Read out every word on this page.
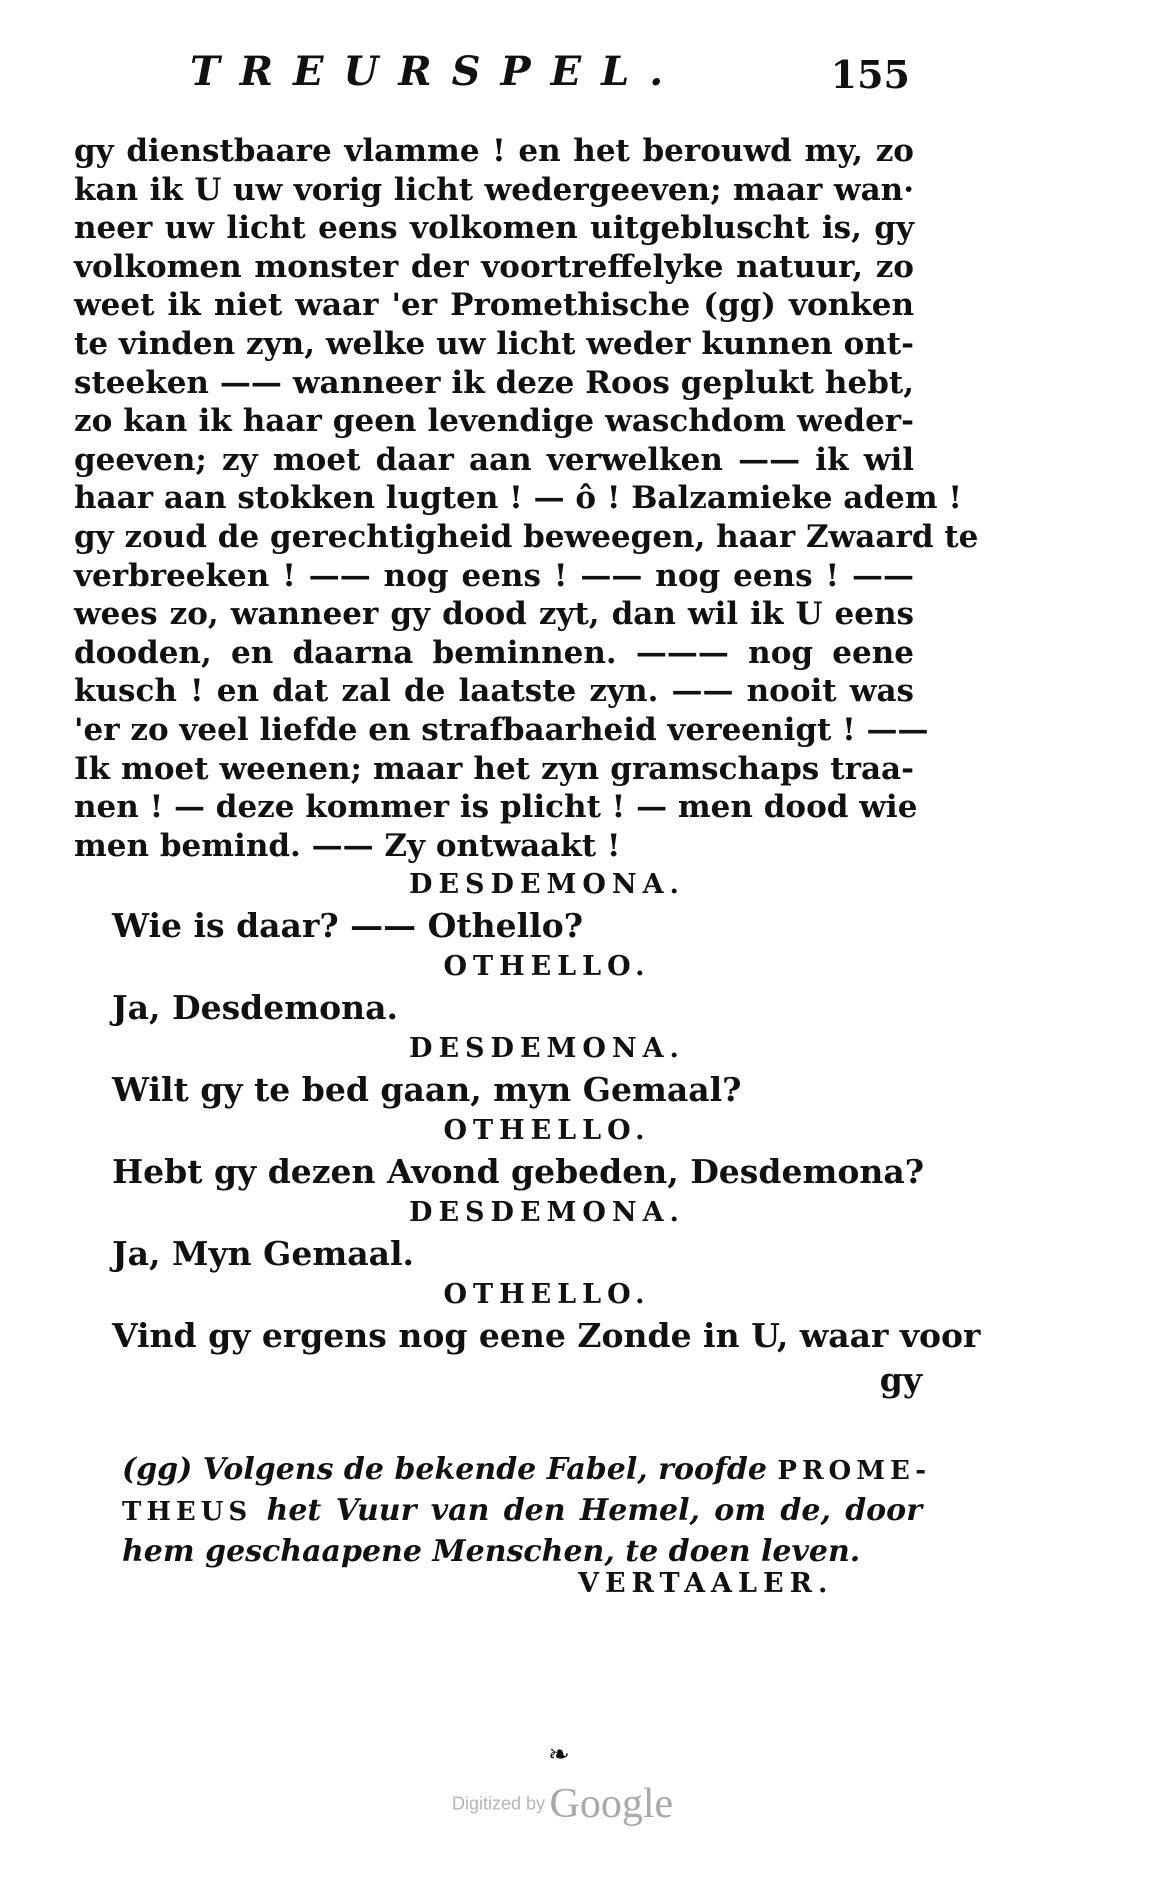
TREURSPEL.	155
gy dienstbaare vlamme ! en het berouwd my, zo
kan ik U uw vorig licht wedergeeven; maar wan·
neer uw licht eens volkomen uitgebluscht is, gy
volkomen monster der voortreffelyke natuur, zo
weet ik niet waar 'er Promethische (gg) vonken
te vinden zyn, welke uw licht weder kunnen ont-
steeken —— wanneer ik deze Roos geplukt hebt,
zo kan ik haar geen levendige waschdom weder-
geeven; zy moet daar aan verwelken —— ik wil
haar aan stokken lugten ! — ô ! Balzamieke adem !
gy zoud de gerechtigheid beweegen, haar Zwaard te
verbreeken ! —— nog eens ! —— nog eens ! ——
wees zo, wanneer gy dood zyt, dan wil ik U eens
dooden, en daarna beminnen. ——— nog eene
kusch ! en dat zal de laatste zyn. —— nooit was
'er zo veel liefde en strafbaarheid vereenigt ! ——
Ik moet weenen; maar het zyn gramschaps traa-
nen ! — deze kommer is plicht ! — men dood wie
men bemind. —— Zy ontwaakt !
DESDEMONA.
Wie is daar? —— Othello?
OTHELLO.
Ja, Desdemona.
DESDEMONA.
Wilt gy te bed gaan, myn Gemaal?
OTHELLO.
Hebt gy dezen Avond gebeden, Desdemona?
DESDEMONA.
Ja, Myn Gemaal.
OTHELLO.
Vind gy ergens nog eene Zonde in U, waar voor
gy
(gg) Volgens de bekende Fabel, roofde PROME-
THEUS het Vuur van den Hemel, om de, door
hem geschaapene Menschen, te doen leven.
VERTAALER.
❧
Digitized by Google
